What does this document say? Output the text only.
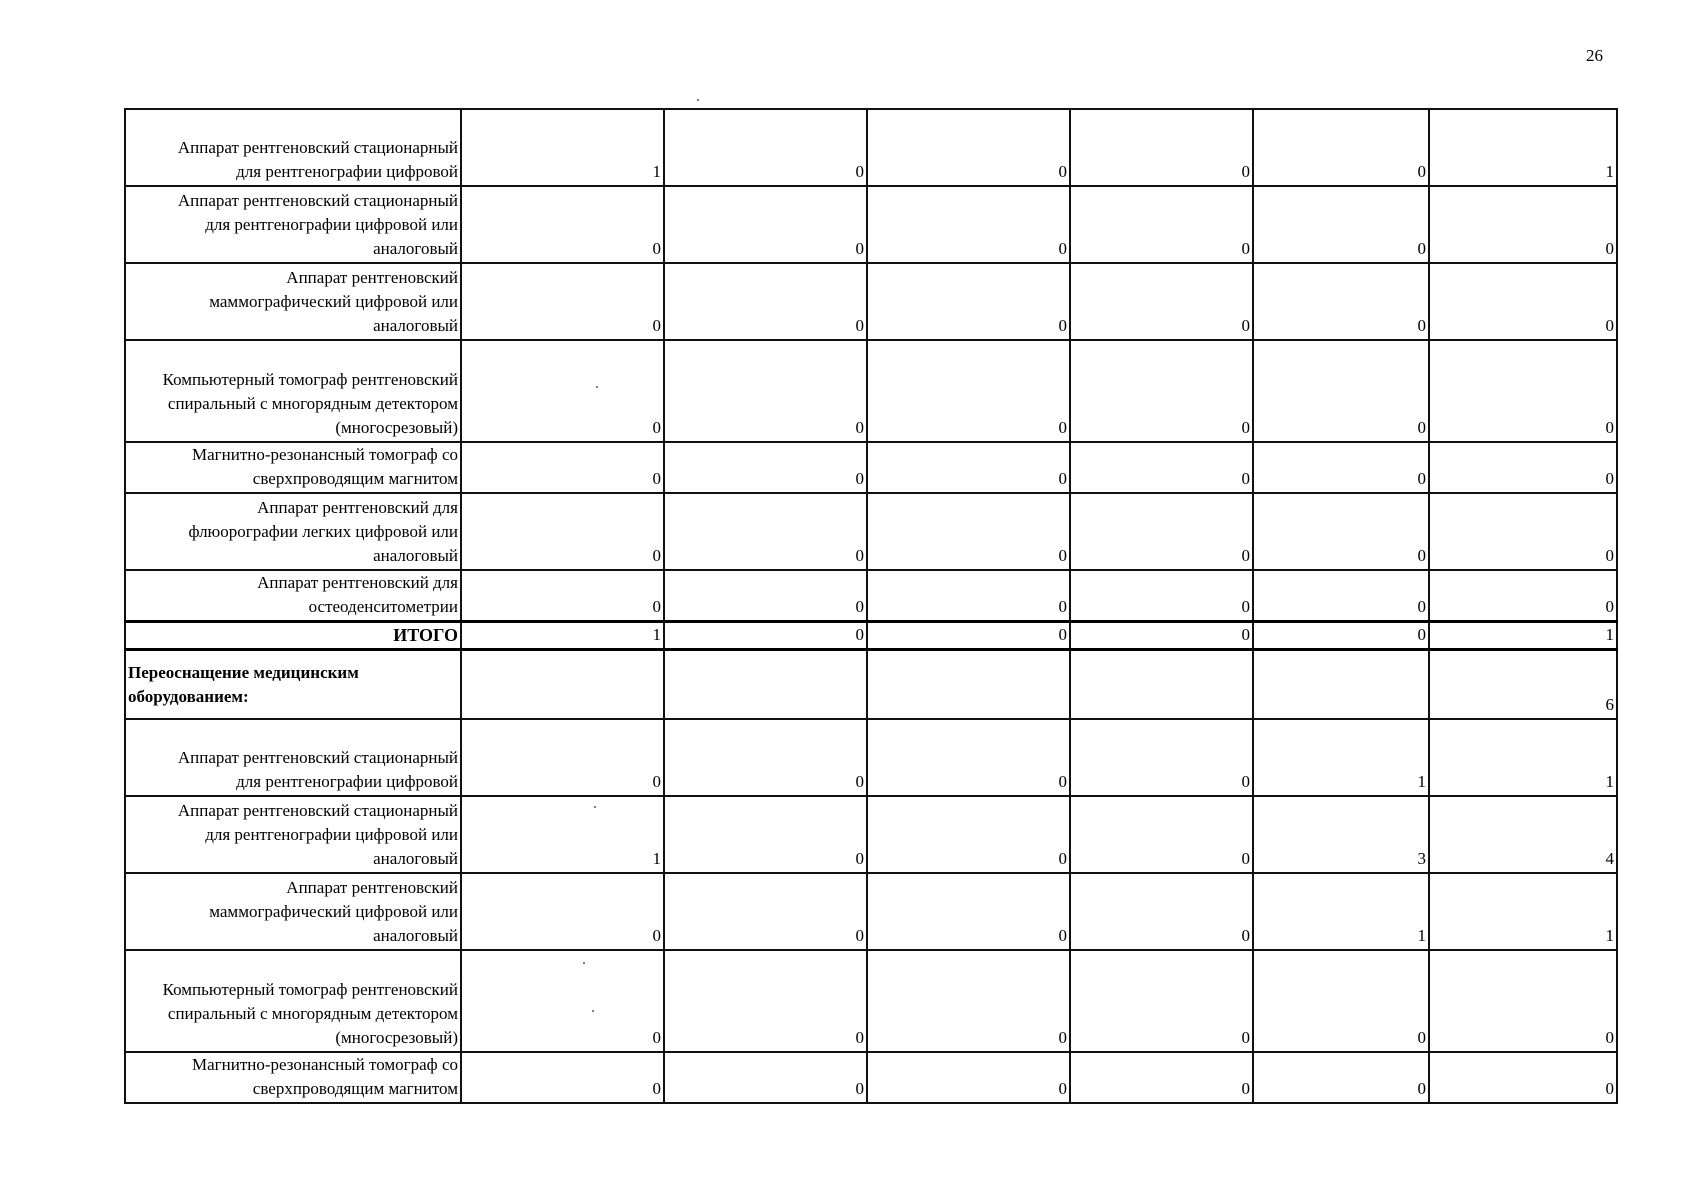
26
Аппарат рентгеновский стационарный
для рентгенографии цифровой	1	0	0	0	0	1
Аппарат рентгеновский стационарный
для рентгенографии цифровой или
аналоговый	0	0	0	0	0	0
Аппарат рентгеновский
маммографический цифровой или
аналоговый	0	0	0	0	0	0
Компьютерный томограф рентгеновский
спиральный с многорядным детектором
(многосрезовый)	0	0	0	0	0	0
Магнитно-резонансный томограф со
сверхпроводящим магнитом	0	0	0	0	0	0
Аппарат рентгеновский для
флюорографии легких цифровой или
аналоговый	0	0	0	0	0	0
Аппарат рентгеновский для
остеоденситометрии	0	0	0	0	0	0
ИТОГО	1	0	0	0	0	1
Переоснащение медицинским
оборудованием:						6
Аппарат рентгеновский стационарный
для рентгенографии цифровой	0	0	0	0	1	1
Аппарат рентгеновский стационарный
для рентгенографии цифровой или
аналоговый	1	0	0	0	3	4
Аппарат рентгеновский
маммографический цифровой или
аналоговый	0	0	0	0	1	1
Компьютерный томограф рентгеновский
спиральный с многорядным детектором
(многосрезовый)	0	0	0	0	0	0
Магнитно-резонансный томограф со
сверхпроводящим магнитом	0	0	0	0	0	0
